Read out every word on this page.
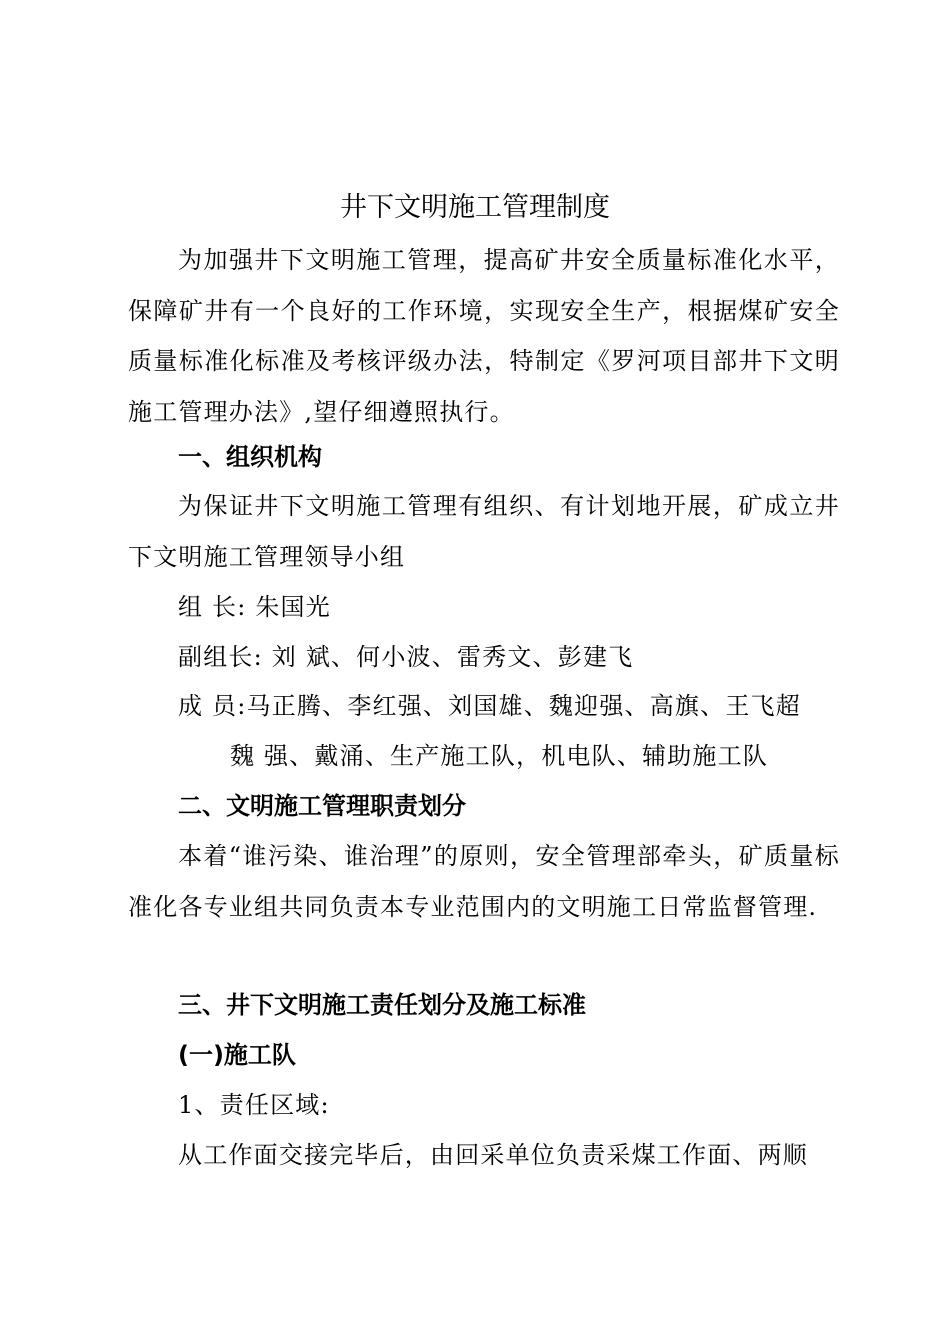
井下文明施工管理制度
为加强井下文明施工管理，提高矿井安全质量标准化水平，保障矿井有一个良好的工作环境，实现安全生产，根据煤矿安全质量标准化标准及考核评级办法，特制定《罗河项目部井下文明施工管理办法》,望仔细遵照执行。
一、组织机构
为保证井下文明施工管理有组织、有计划地开展，矿成立井下文明施工管理领导小组
组 长: 朱国光
副组长: 刘 斌、何小波、雷秀文、彭建飞
成 员:马正腾、李红强、刘国雄、魏迎强、高旗、王飞超
魏 强、戴涌、生产施工队，机电队、辅助施工队
二、文明施工管理职责划分
本着“谁污染、谁治理”的原则，安全管理部牵头，矿质量标准化各专业组共同负责本专业范围内的文明施工日常监督管理.
三、井下文明施工责任划分及施工标准
(一)施工队
1、责任区域:
从工作面交接完毕后，由回采单位负责采煤工作面、两顺
